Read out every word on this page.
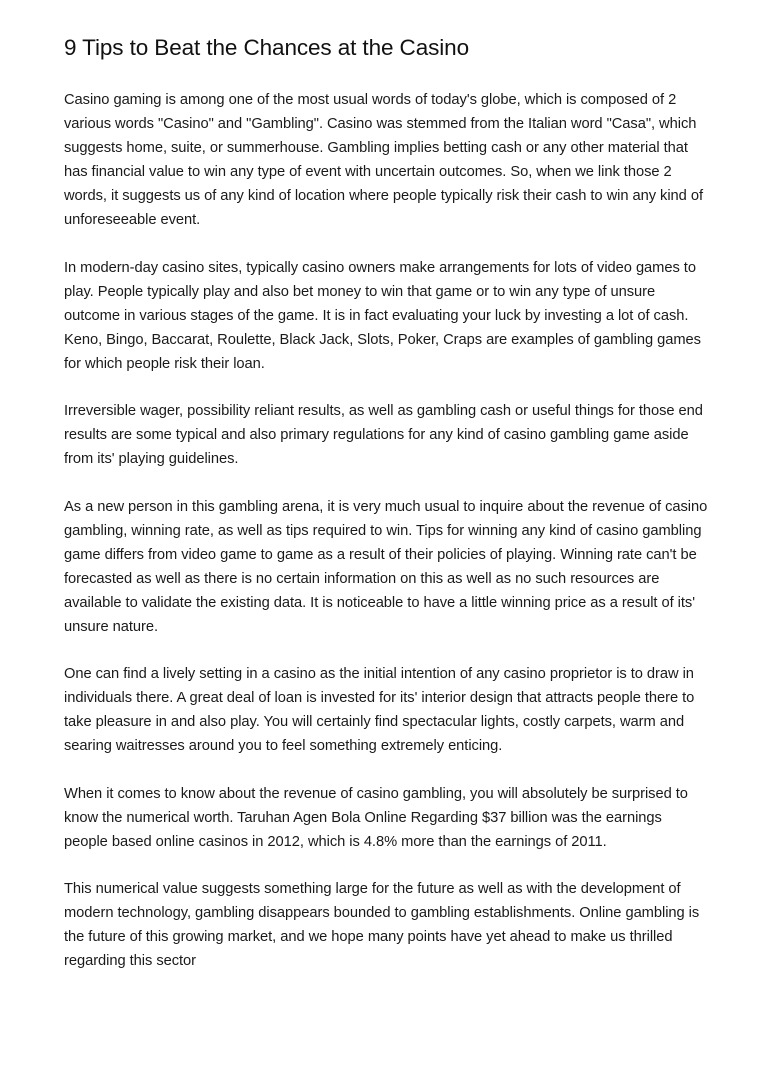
9 Tips to Beat the Chances at the Casino

Casino gaming is among one of the most usual words of today's globe, which is composed of 2 various words "Casino" and "Gambling". Casino was stemmed from the Italian word "Casa", which suggests home, suite, or summerhouse. Gambling implies betting cash or any other material that has financial value to win any type of event with uncertain outcomes. So, when we link those 2 words, it suggests us of any kind of location where people typically risk their cash to win any kind of unforeseeable event.

In modern-day casino sites, typically casino owners make arrangements for lots of video games to play. People typically play and also bet money to win that game or to win any type of unsure outcome in various stages of the game. It is in fact evaluating your luck by investing a lot of cash. Keno, Bingo, Baccarat, Roulette, Black Jack, Slots, Poker, Craps are examples of gambling games for which people risk their loan.

Irreversible wager, possibility reliant results, as well as gambling cash or useful things for those end results are some typical and also primary regulations for any kind of casino gambling game aside from its' playing guidelines.

As a new person in this gambling arena, it is very much usual to inquire about the revenue of casino gambling, winning rate, as well as tips required to win. Tips for winning any kind of casino gambling game differs from video game to game as a result of their policies of playing. Winning rate can't be forecasted as well as there is no certain information on this as well as no such resources are available to validate the existing data. It is noticeable to have a little winning price as a result of its' unsure nature.

One can find a lively setting in a casino as the initial intention of any casino proprietor is to draw in individuals there. A great deal of loan is invested for its' interior design that attracts people there to take pleasure in and also play. You will certainly find spectacular lights, costly carpets, warm and searing waitresses around you to feel something extremely enticing.

When it comes to know about the revenue of casino gambling, you will absolutely be surprised to know the numerical worth. Taruhan Agen Bola Online Regarding $37 billion was the earnings people based online casinos in 2012, which is 4.8% more than the earnings of 2011.

This numerical value suggests something large for the future as well as with the development of modern technology, gambling disappears bounded to gambling establishments. Online gambling is the future of this growing market, and we hope many points have yet ahead to make us thrilled regarding this sector
